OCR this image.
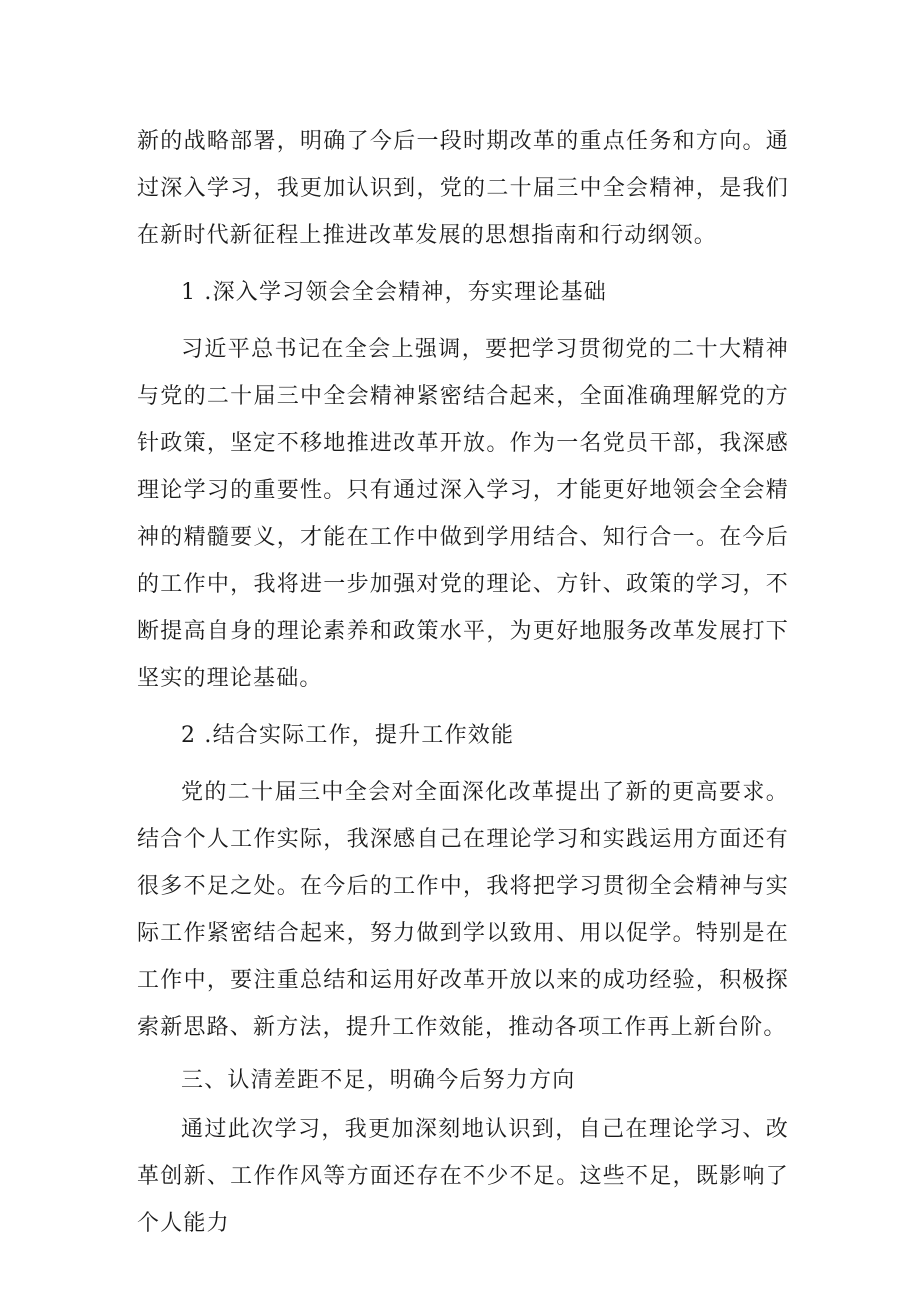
新的战略部署，明确了今后一段时期改革的重点任务和方向。通过深入学习，我更加认识到，党的二十届三中全会精神，是我们在新时代新征程上推进改革发展的思想指南和行动纲领。

1 .深入学习领会全会精神，夯实理论基础

习近平总书记在全会上强调，要把学习贯彻党的二十大精神与党的二十届三中全会精神紧密结合起来，全面准确理解党的方针政策，坚定不移地推进改革开放。作为一名党员干部，我深感理论学习的重要性。只有通过深入学习，才能更好地领会全会精神的精髓要义，才能在工作中做到学用结合、知行合一。在今后的工作中，我将进一步加强对党的理论、方针、政策的学习，不断提高自身的理论素养和政策水平，为更好地服务改革发展打下坚实的理论基础。

2 .结合实际工作，提升工作效能

党的二十届三中全会对全面深化改革提出了新的更高要求。结合个人工作实际，我深感自己在理论学习和实践运用方面还有很多不足之处。在今后的工作中，我将把学习贯彻全会精神与实际工作紧密结合起来，努力做到学以致用、用以促学。特别是在工作中，要注重总结和运用好改革开放以来的成功经验，积极探索新思路、新方法，提升工作效能，推动各项工作再上新台阶。

三、认清差距不足，明确今后努力方向

通过此次学习，我更加深刻地认识到，自己在理论学习、改革创新、工作作风等方面还存在不少不足。这些不足，既影响了个人能力
